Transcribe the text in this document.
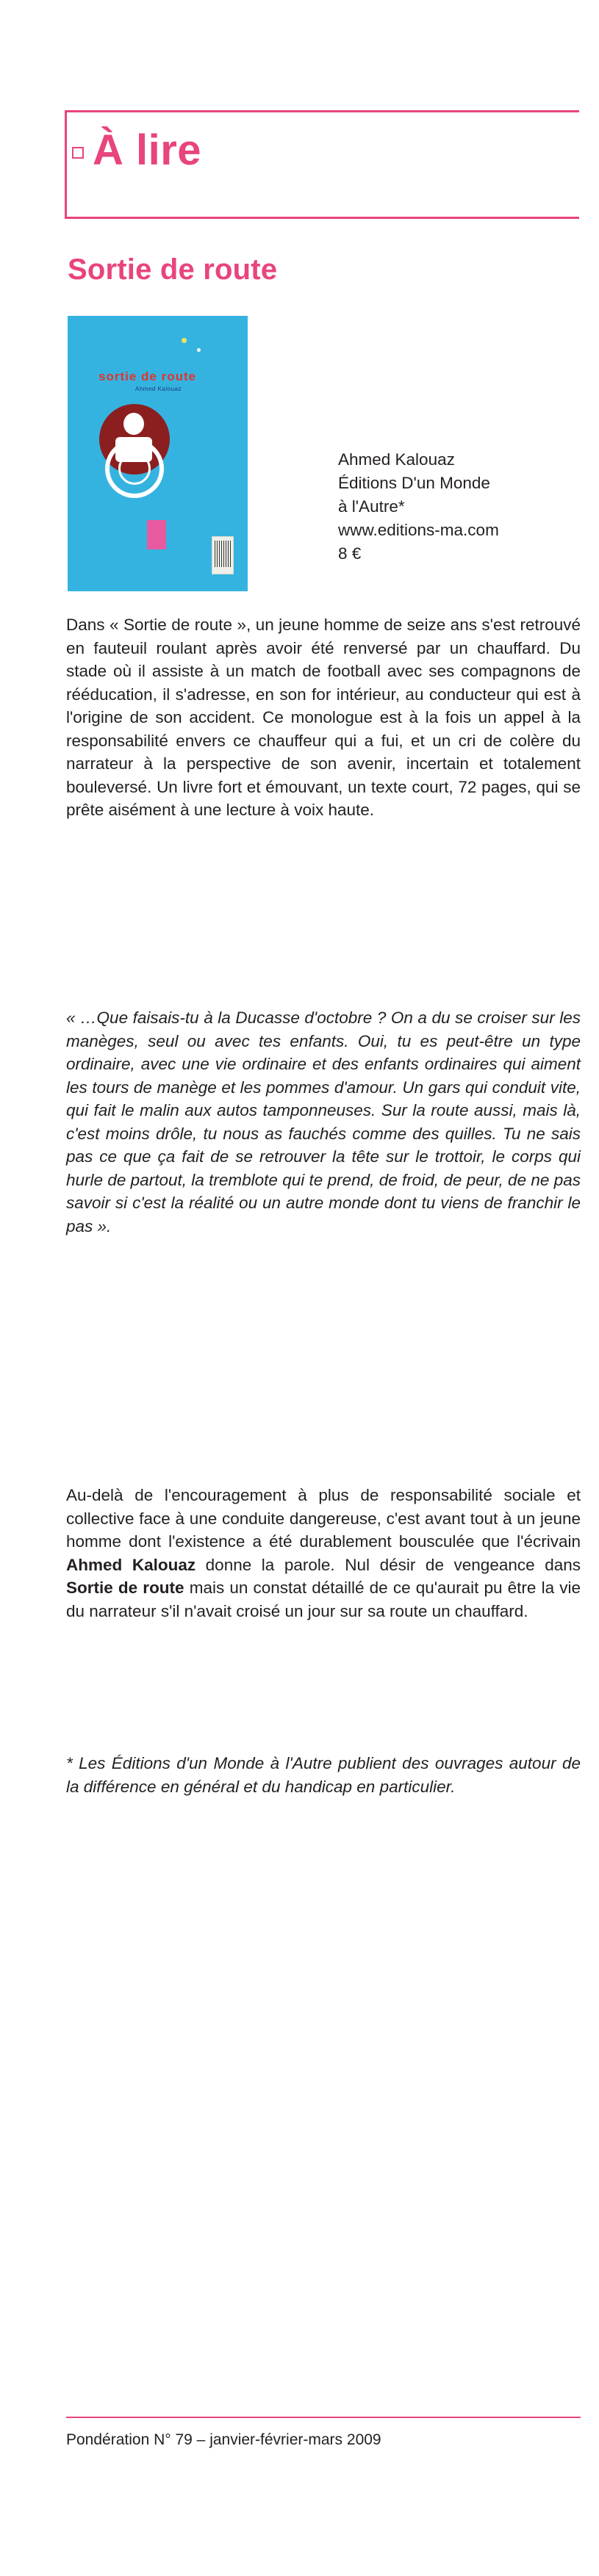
À lire
Sortie de route
sortie de route
Ahmed Kalouaz
Ahmed Kalouaz
Éditions D'un Monde
à l'Autre*
www.editions-ma.com
8 €

Dans « Sortie de route », un jeune homme de seize ans s'est retrouvé en fauteuil roulant après avoir été renversé par un chauffard. Du stade où il assiste à un match de football avec ses compagnons de rééducation, il s'adresse, en son for intérieur, au conducteur qui est à l'origine de son accident. Ce monologue est à la fois un appel à la responsabilité envers ce chauffeur qui a fui, et un cri de colère du narrateur à la perspective de son avenir, incertain et totalement bouleversé. Un livre fort et émouvant, un texte court, 72 pages, qui se prête aisément à une lecture à voix haute.

« …Que faisais-tu à la Ducasse d'octobre ? On a du se croiser sur les manèges, seul ou avec tes enfants. Oui, tu es peut-être un type ordinaire, avec une vie ordinaire et des enfants ordinaires qui aiment les tours de manège et les pommes d'amour. Un gars qui conduit vite, qui fait le malin aux autos tamponneuses. Sur la route aussi, mais là, c'est moins drôle, tu nous as fauchés comme des quilles. Tu ne sais pas ce que ça fait de se retrouver la tête sur le trottoir, le corps qui hurle de partout, la tremblote qui te prend, de froid, de peur, de ne pas savoir si c'est la réalité ou un autre monde dont tu viens de franchir le pas ».

Au-delà de l'encouragement à plus de responsabilité sociale et collective face à une conduite dangereuse, c'est avant tout à un jeune homme dont l'existence a été durablement bousculée que l'écrivain Ahmed Kalouaz donne la parole. Nul désir de vengeance dans Sortie de route mais un constat détaillé de ce qu'aurait pu être la vie du narrateur s'il n'avait croisé un jour sur sa route un chauffard.

* Les Éditions d'un Monde à l'Autre publient des ouvrages autour de la différence en général et du handicap en particulier.

Pondération N° 79 – janvier-février-mars 2009
